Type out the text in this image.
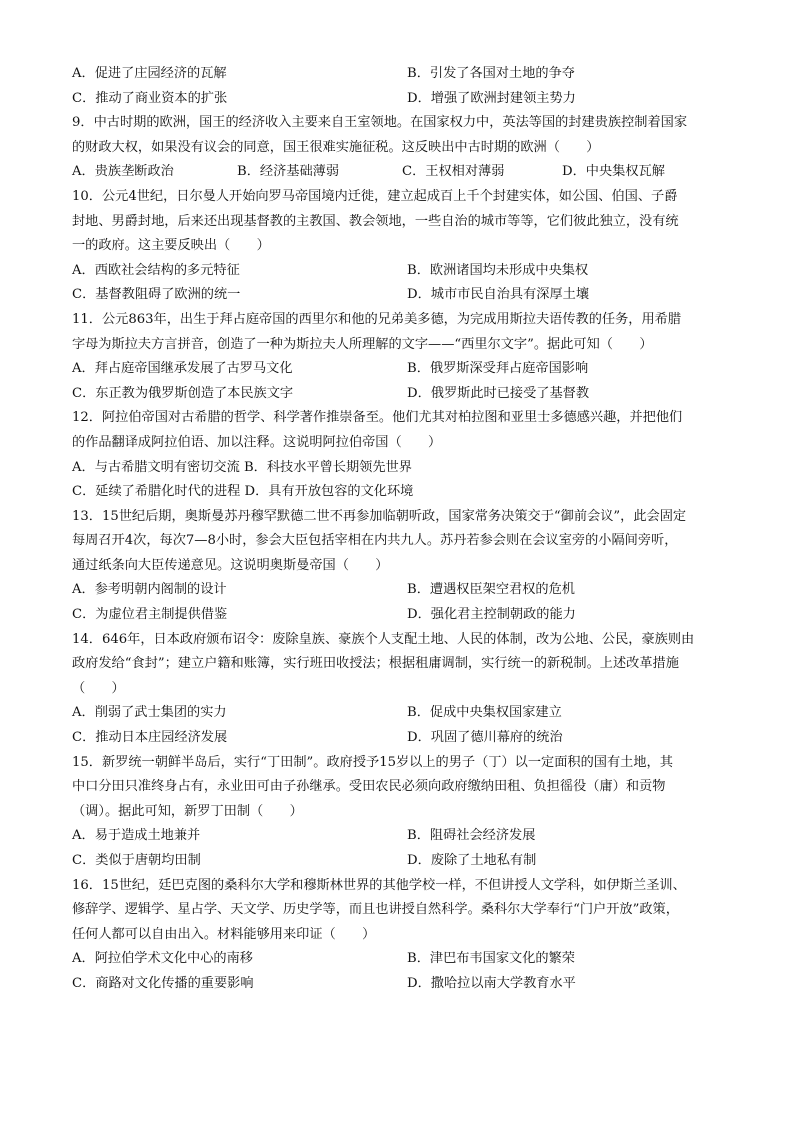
A．促进了庄园经济的瓦解	B．引发了各国对土地的争夺
C．推动了商业资本的扩张	D．增强了欧洲封建领主势力
9．中古时期的欧洲，国王的经济收入主要来自王室领地。在国家权力中，英法等国的封建贵族控制着国家
的财政大权，如果没有议会的同意，国王很难实施征税。这反映出中古时期的欧洲（　　）
A．贵族垄断政治	B．经济基础薄弱	C．王权相对薄弱	D．中央集权瓦解
10．公元4世纪，日尔曼人开始向罗马帝国境内迁徙，建立起成百上千个封建实体，如公国、伯国、子爵
封地、男爵封地，后来还出现基督教的主教国、教会领地，一些自治的城市等等，它们彼此独立，没有统
一的政府。这主要反映出（　　）
A．西欧社会结构的多元特征	B．欧洲诸国均未形成中央集权
C．基督教阻碍了欧洲的统一	D．城市市民自治具有深厚土壤
11．公元863年，出生于拜占庭帝国的西里尔和他的兄弟美多德，为完成用斯拉夫语传教的任务，用希腊
字母为斯拉夫方言拼音，创造了一种为斯拉夫人所理解的文字——“西里尔文字”。据此可知（　　）
A．拜占庭帝国继承发展了古罗马文化	B．俄罗斯深受拜占庭帝国影响
C．东正教为俄罗斯创造了本民族文字	D．俄罗斯此时已接受了基督教
12．阿拉伯帝国对古希腊的哲学、科学著作推崇备至。他们尤其对柏拉图和亚里士多德感兴趣，并把他们
的作品翻译成阿拉伯语、加以注释。这说明阿拉伯帝国（　　）
A．与古希腊文明有密切交流 B．科技水平曾长期领先世界
C．延续了希腊化时代的进程 D．具有开放包容的文化环境
13．15世纪后期，奥斯曼苏丹穆罕默德二世不再参加临朝听政，国家常务决策交于“御前会议”，此会固定
每周召开4次，每次7—8小时，参会大臣包括宰相在内共九人。苏丹若参会则在会议室旁的小隔间旁听，
通过纸条向大臣传递意见。这说明奥斯曼帝国（　　）
A．参考明朝内阁制的设计	B．遭遇权臣架空君权的危机
C．为虚位君主制提供借鉴	D．强化君主控制朝政的能力
14．646年，日本政府颁布诏令：废除皇族、豪族个人支配土地、人民的体制，改为公地、公民，豪族则由
政府发给“食封”；建立户籍和账簿，实行班田收授法；根据租庸调制，实行统一的新税制。上述改革措施
（　　）
A．削弱了武士集团的实力	B．促成中央集权国家建立
C．推动日本庄园经济发展	D．巩固了德川幕府的统治
15．新罗统一朝鲜半岛后，实行“丁田制”。政府授予15岁以上的男子（丁）以一定面积的国有土地，其
中口分田只准终身占有，永业田可由子孙继承。受田农民必须向政府缴纳田租、负担徭役（庸）和贡物
（调）。据此可知，新罗丁田制（　　）
A．易于造成土地兼并	B．阻碍社会经济发展
C．类似于唐朝均田制	D．废除了土地私有制
16．15世纪，廷巴克图的桑科尔大学和穆斯林世界的其他学校一样，不但讲授人文学科，如伊斯兰圣训、
修辞学、逻辑学、星占学、天文学、历史学等，而且也讲授自然科学。桑科尔大学奉行“门户开放”政策，
任何人都可以自由出入。材料能够用来印证（　　）
A．阿拉伯学术文化中心的南移	B．津巴布韦国家文化的繁荣
C．商路对文化传播的重要影响	D．撒哈拉以南大学教育水平
